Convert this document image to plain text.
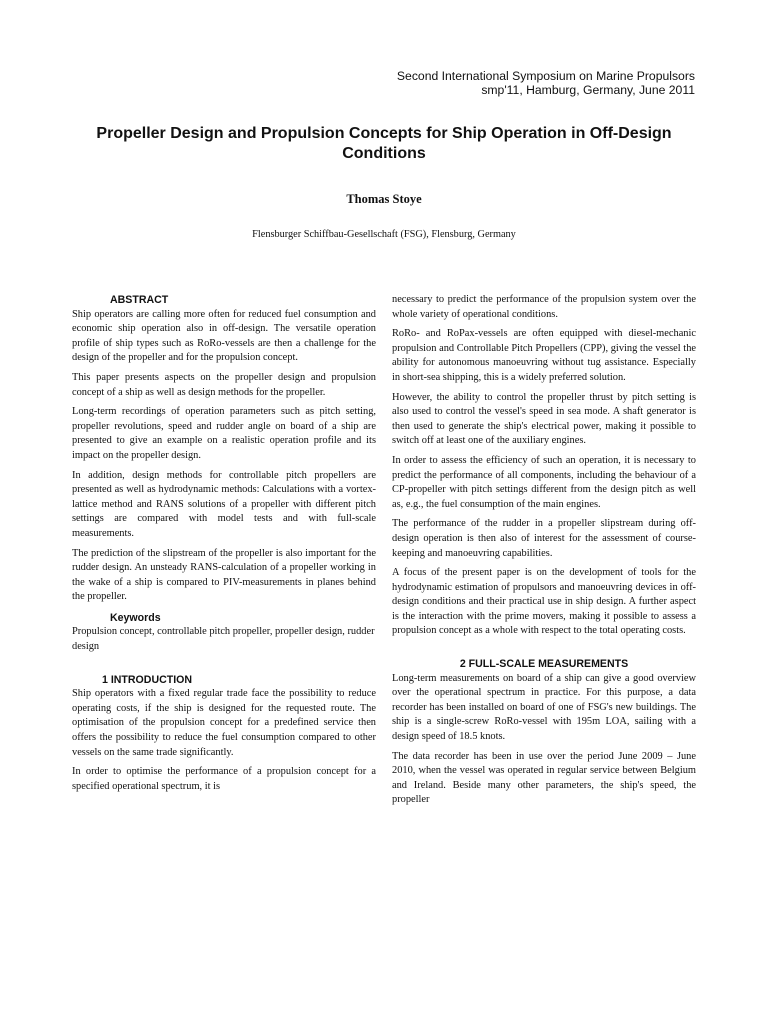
Second International Symposium on Marine Propulsors
smp'11, Hamburg, Germany, June 2011
Propeller Design and Propulsion Concepts for Ship Operation in Off-Design Conditions
Thomas Stoye
Flensburger Schiffbau-Gesellschaft (FSG), Flensburg, Germany
ABSTRACT

Ship operators are calling more often for reduced fuel consumption and economic ship operation also in off-design. The versatile operation profile of ship types such as RoRo-vessels are then a challenge for the design of the propeller and for the propulsion concept.

This paper presents aspects on the propeller design and propulsion concept of a ship as well as design methods for the propeller.

Long-term recordings of operation parameters such as pitch setting, propeller revolutions, speed and rudder angle on board of a ship are presented to give an example on a realistic operation profile and its impact on the propeller design.

In addition, design methods for controllable pitch propellers are presented as well as hydrodynamic methods: Calculations with a vortex-lattice method and RANS solutions of a propeller with different pitch settings are compared with model tests and with full-scale measurements.

The prediction of the slipstream of the propeller is also important for the rudder design. An unsteady RANS-calculation of a propeller working in the wake of a ship is compared to PIV-measurements in planes behind the propeller.

Keywords

Propulsion concept, controllable pitch propeller, propeller design, rudder design

1 INTRODUCTION

Ship operators with a fixed regular trade face the possibility to reduce operating costs, if the ship is designed for the requested route. The optimisation of the propulsion concept for a predefined service then offers the possibility to reduce the fuel consumption compared to other vessels on the same trade significantly.

In order to optimise the performance of a propulsion concept for a specified operational spectrum, it is

necessary to predict the performance of the propulsion system over the whole variety of operational conditions.

RoRo- and RoPax-vessels are often equipped with diesel-mechanic propulsion and Controllable Pitch Propellers (CPP), giving the vessel the ability for autonomous manoeuvring without tug assistance. Especially in short-sea shipping, this is a widely preferred solution.

However, the ability to control the propeller thrust by pitch setting is also used to control the vessel's speed in sea mode. A shaft generator is then used to generate the ship's electrical power, making it possible to switch off at least one of the auxiliary engines.

In order to assess the efficiency of such an operation, it is necessary to predict the performance of all components, including the behaviour of a CP-propeller with pitch settings different from the design pitch as well as, e.g., the fuel consumption of the main engines.

The performance of the rudder in a propeller slipstream during off-design operation is then also of interest for the assessment of course-keeping and manoeuvring capabilities.

A focus of the present paper is on the development of tools for the hydrodynamic estimation of propulsors and manoeuvring devices in off-design conditions and their practical use in ship design. A further aspect is the interaction with the prime movers, making it possible to assess a propulsion concept as a whole with respect to the total operating costs.

2 FULL-SCALE MEASUREMENTS

Long-term measurements on board of a ship can give a good overview over the operational spectrum in practice. For this purpose, a data recorder has been installed on board of one of FSG's new buildings. The ship is a single-screw RoRo-vessel with 195m LOA, sailing with a design speed of 18.5 knots.

The data recorder has been in use over the period June 2009 – June 2010, when the vessel was operated in regular service between Belgium and Ireland. Beside many other parameters, the ship's speed, the propeller
